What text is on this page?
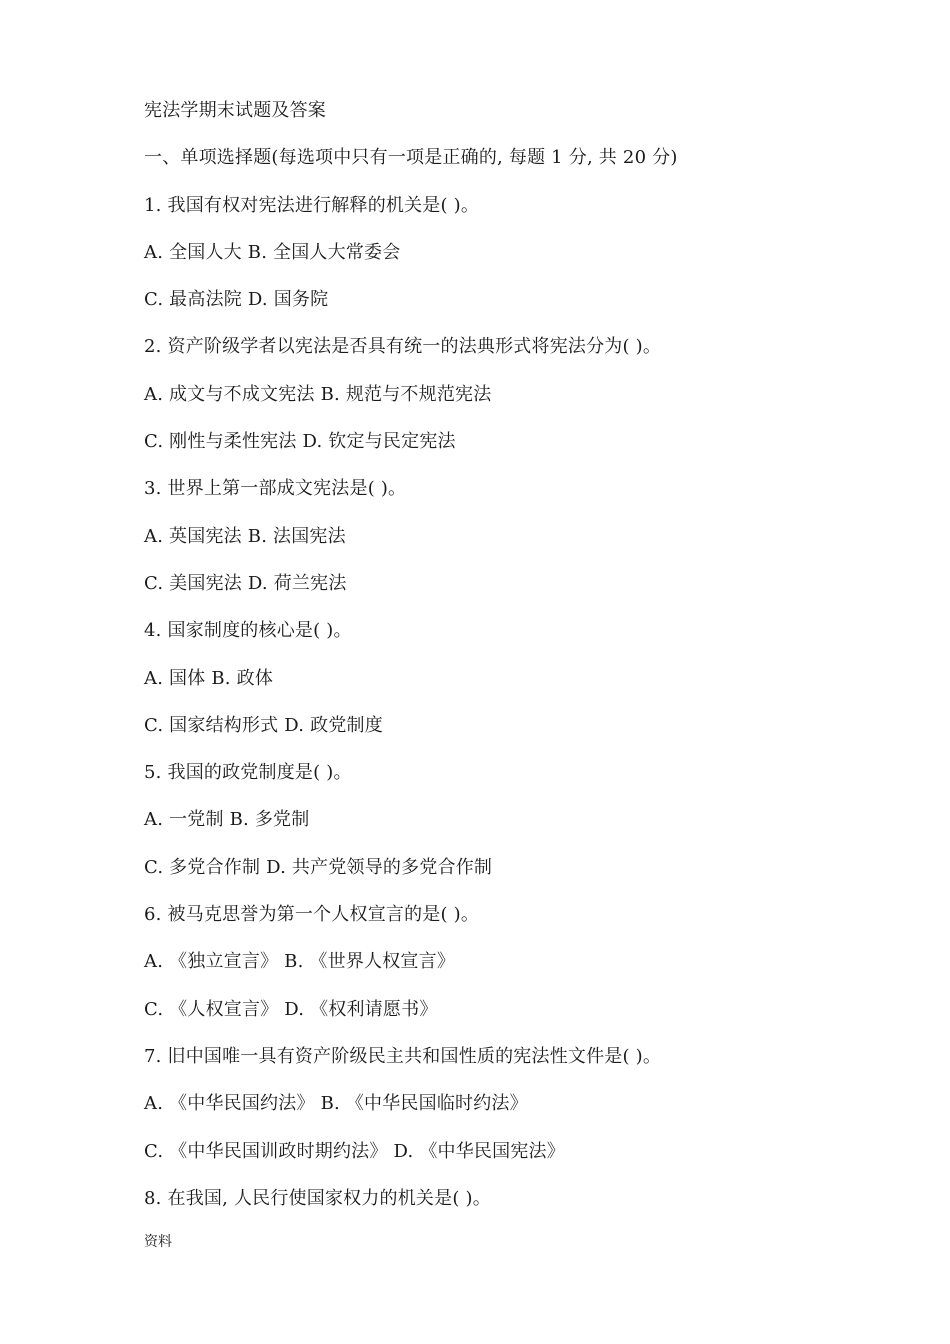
宪法学期末试题及答案
一、单项选择题(每选项中只有一项是正确的, 每题 1 分, 共 20 分)
1. 我国有权对宪法进行解释的机关是( )。
A. 全国人大 B. 全国人大常委会
C. 最高法院 D. 国务院
2. 资产阶级学者以宪法是否具有统一的法典形式将宪法分为( )。
A. 成文与不成文宪法 B. 规范与不规范宪法
C. 刚性与柔性宪法 D. 钦定与民定宪法
3. 世界上第一部成文宪法是( )。
A. 英国宪法 B. 法国宪法
C. 美国宪法 D. 荷兰宪法
4. 国家制度的核心是( )。
A. 国体 B. 政体
C. 国家结构形式 D. 政党制度
5. 我国的政党制度是( )。
A. 一党制 B. 多党制
C. 多党合作制 D. 共产党领导的多党合作制
6. 被马克思誉为第一个人权宣言的是( )。
A. 《独立宣言》 B. 《世界人权宣言》
C. 《人权宣言》 D. 《权利请愿书》
7. 旧中国唯一具有资产阶级民主共和国性质的宪法性文件是( )。
A. 《中华民国约法》 B. 《中华民国临时约法》
C. 《中华民国训政时期约法》 D. 《中华民国宪法》
8. 在我国, 人民行使国家权力的机关是( )。
资料
